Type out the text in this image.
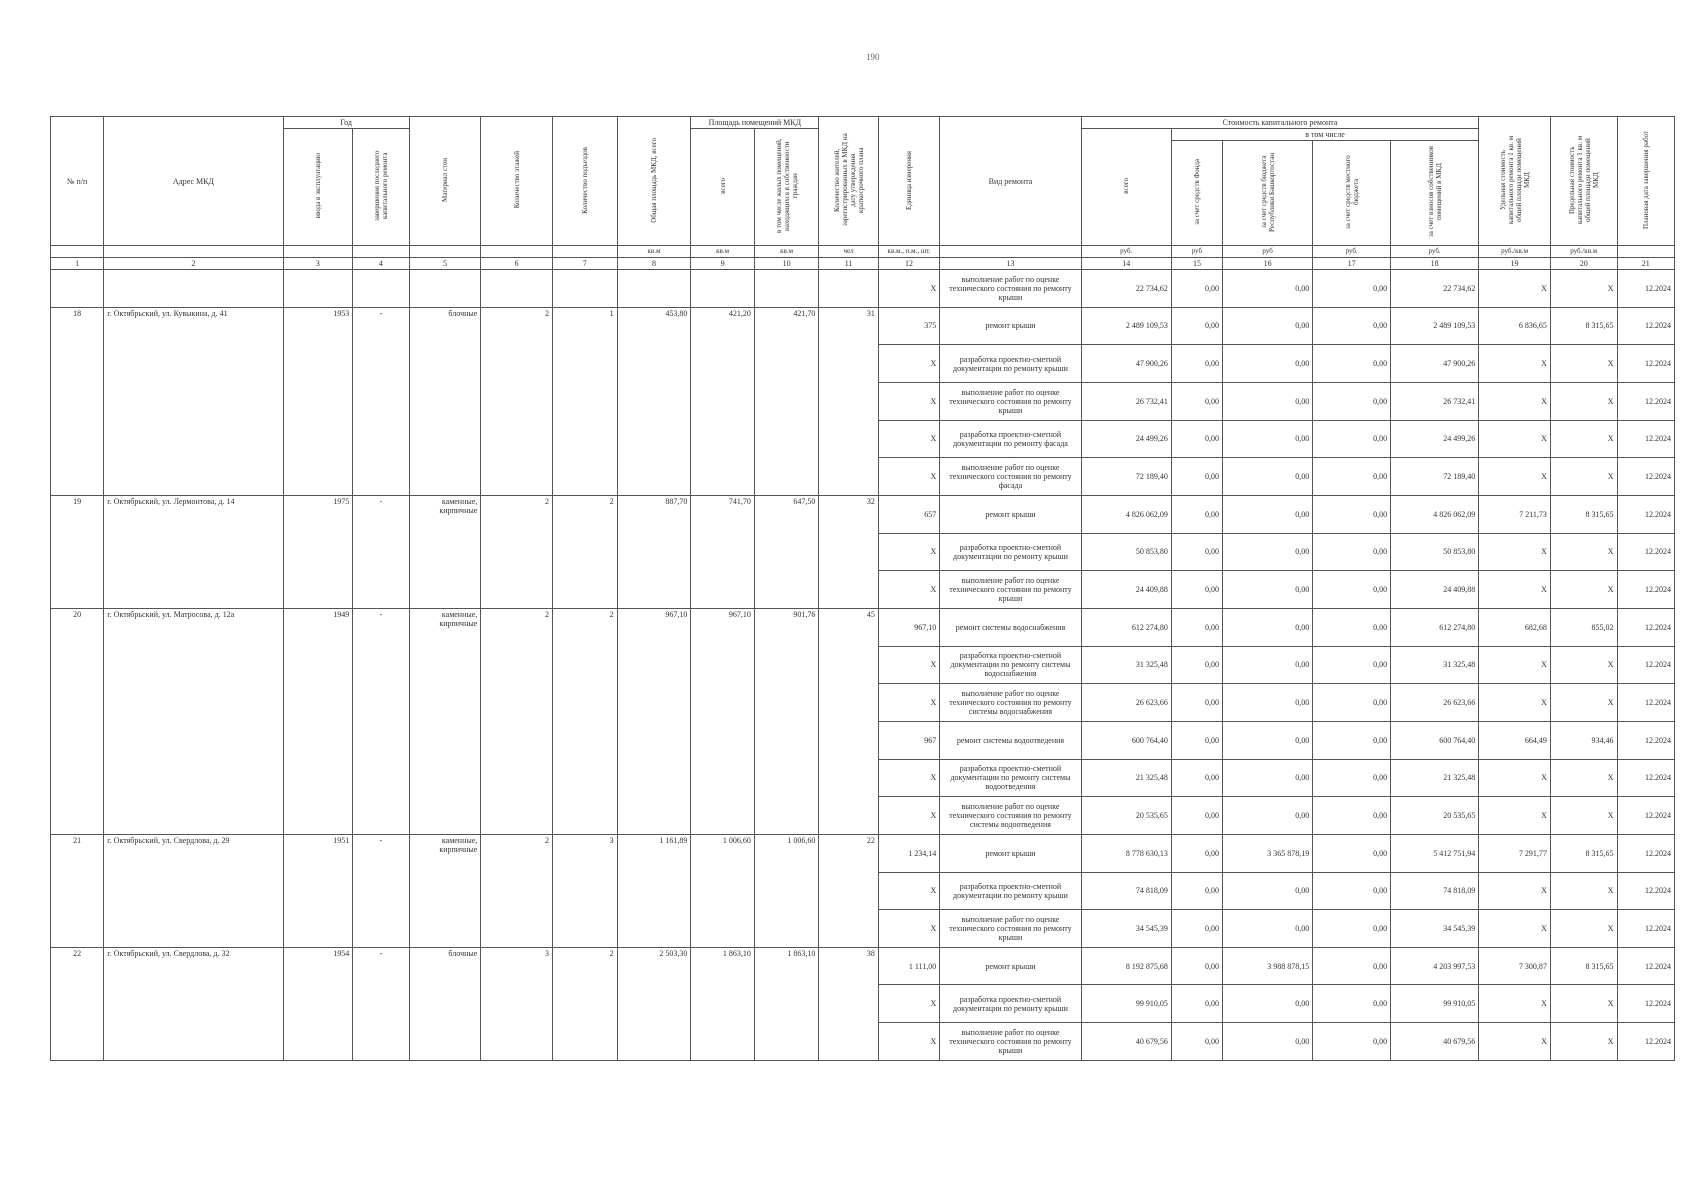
190
№ п/п	Адрес МКД	Год		Материал стен	Количество этажей	Количество подъездов	Общая площадь МКД, всего	Площадь помещений МКД		Количество жителей, зарегистрированных в МКД на дату утверждения краткосрочного плана	Единица измерения	Вид ремонта	Стоимость капитального ремонта					Удельная стоимость капитального ремонта 1 кв. м общей площади помещений МКД	Предельная стоимость капитального ремонта 1 кв. м общей площади помещений МКД	Плановая дата завершения работ
		ввода в эксплуатацию	завершения последнего капитального ремонта					всего	в том числе жилых помещений, находящихся в собственности граждан				всего	в том числе						
														за счет средств Фонда	за счет средств бюджета Республики Башкортостан	за счет средств местного бюджета	за счет взносов собственников помещений в МКД			
							кв.м	кв.м	кв.м	чел	кв.м., п.м., шт.		руб.	руб	руб	руб.	руб.	руб./кв.м	руб./кв.м	
1	2	3	4	5	6	7	8	9	10	11	12	13	14	15	16	17	18	19	20	21
											X	выполнение работ по оценке технического состояния по ремонту крыши	22 734,62	0,00	0,00	0,00	22 734,62	X	X	12.2024
18	г. Октябрьский, ул. Кувыкина, д. 41	1953	-	блочные	2	1	453,80	421,20	421,70	31	375	ремонт крыши	2 489 109,53	0,00	0,00	0,00	2 489 109,53	6 836,65	8 315,65	12.2024
											X	разработка проектно-сметной документации по ремонту крыши	47 900,26	0,00	0,00	0,00	47 900,26	X	X	12.2024
											X	выполнение работ по оценке технического состояния по ремонту крыши	26 732,41	0,00	0,00	0,00	26 732,41	X	X	12.2024
											X	разработка проектно-сметной документации по ремонту фасада	24 499,26	0,00	0,00	0,00	24 499,26	X	X	12.2024
											X	выполнение работ по оценке технического состояния по ремонту фасада	72 189,40	0,00	0,00	0,00	72 189,40	X	X	12.2024
19	г. Октябрьский, ул. Лермонтова, д. 14	1975	-	каменные, кирпичные	2	2	887,70	741,70	647,50	32	657	ремонт крыши	4 826 062,09	0,00	0,00	0,00	4 826 062,09	7 211,73	8 315,65	12.2024
											X	разработка проектно-сметной документации по ремонту крыши	50 853,80	0,00	0,00	0,00	50 853,80	X	X	12.2024
											X	выполнение работ по оценке технического состояния по ремонту крыши	24 409,88	0,00	0,00	0,00	24 409,88	X	X	12.2024
20	г. Октябрьский, ул. Матросова, д. 12а	1949	-	каменные, кирпичные	2	2	967,10	967,10	901,76	45	967,10	ремонт системы водоснабжения	612 274,80	0,00	0,00	0,00	612 274,80	682,68	855,02	12.2024
											X	разработка проектно-сметной документации по ремонту системы водоснабжения	31 325,48	0,00	0,00	0,00	31 325,48	X	X	12.2024
											X	выполнение работ по оценке технического состояния по ремонту системы водоснабжения	26 623,66	0,00	0,00	0,00	26 623,66	X	X	12.2024
											967	ремонт системы водоотведения	600 764,40	0,00	0,00	0,00	600 764,40	664,49	934,46	12.2024
											X	разработка проектно-сметной документации по ремонту системы водоотведения	21 325,48	0,00	0,00	0,00	21 325,48	X	X	12.2024
											X	выполнение работ по оценке технического состояния по ремонту системы водоотведения	20 535,65	0,00	0,00	0,00	20 535,65	X	X	12.2024
21	г. Октябрьский, ул. Свердлова, д. 29	1951	-	каменные, кирпичные	2	3	1 161,89	1 006,60	1 006,60	22	1 234,14	ремонт крыши	8 778 630,13	0,00	3 365 878,19	0,00	5 412 751,94	7 291,77	8 315,65	12.2024
											X	разработка проектно-сметной документации по ремонту крыши	74 818,09	0,00	0,00	0,00	74 818,09	X	X	12.2024
											X	выполнение работ по оценке технического состояния по ремонту крыши	34 545,39	0,00	0,00	0,00	34 545,39	X	X	12.2024
22	г. Октябрьский, ул. Свердлова, д. 32	1954	-	блочные	3	2	2 503,30	1 863,10	1 863,10	38	1 111,00	ремонт крыши	8 192 875,68	0,00	3 988 878,15	0,00	4 203 997,53	7 300,87	8 315,65	12.2024
											X	разработка проектно-сметной документации по ремонту крыши	99 910,05	0,00	0,00	0,00	99 910,05	X	X	12.2024
											X	выполнение работ по оценке технического состояния по ремонту крыши	40 679,56	0,00	0,00	0,00	40 679,56	X	X	12.2024
